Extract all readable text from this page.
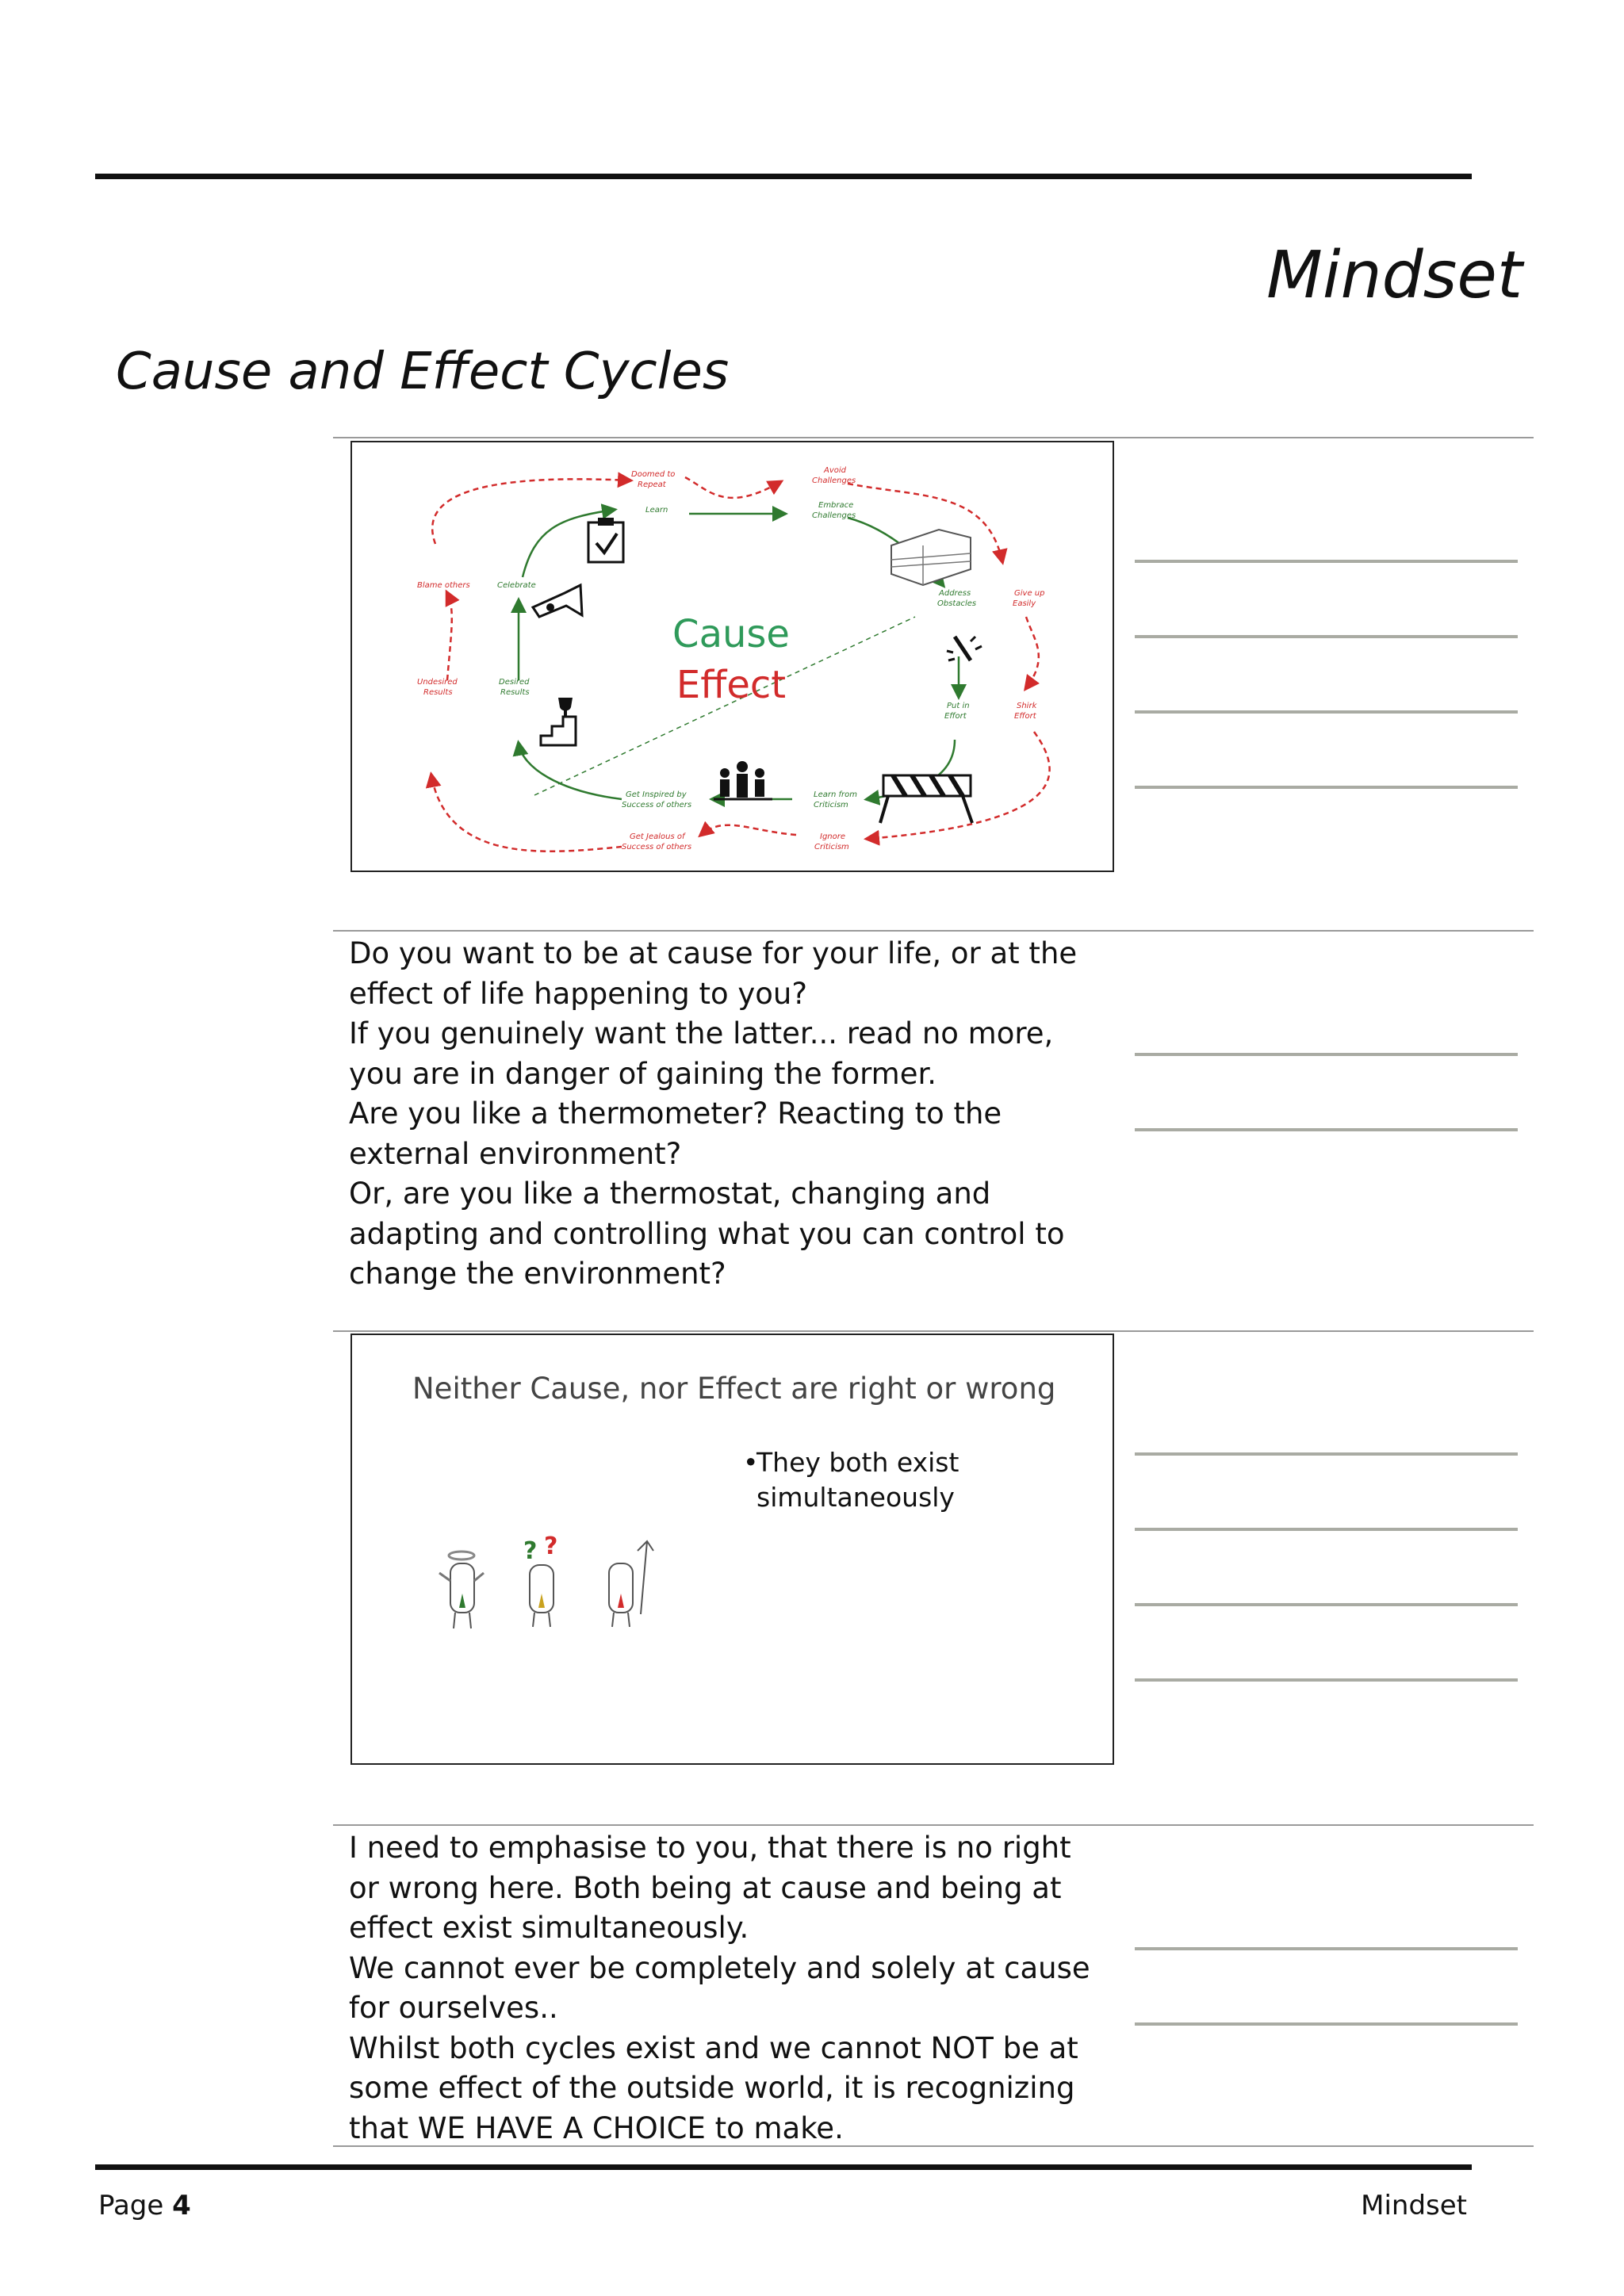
Mindset
Cause and Effect Cycles
Cause
Effect
Doomed to
Repeat
Avoid
Challenges
Blame others
Give up
Easily
Undesired
Results
Shirk
Effort
Get Jealous of
Success of others
Ignore
Criticism
Learn
Embrace
Challenges
Celebrate
Address
Obstacles
Desired
Results
Put in
Effort
Get Inspired by
Success of others
Learn from
Criticism

Do you want to be at cause for your life, or at the effect of life happening to you?

If you genuinely want the latter... read no more, you are in danger of gaining the former.

Are you like a thermometer? Reacting to the external environment?

Or, are you like a thermostat, changing and adapting and controlling what you can control to change the environment?

Neither Cause, nor Effect are right or wrong
•
They both exist
simultaneously
? ?

I need to emphasise to you, that there is no right or wrong here. Both being at cause and being at effect exist simultaneously.

We cannot ever be completely and solely at cause for ourselves..

Whilst both cycles exist and we cannot NOT be at some effect of the outside world, it is recognizing that WE HAVE A CHOICE to make.

Page 4	Mindset
